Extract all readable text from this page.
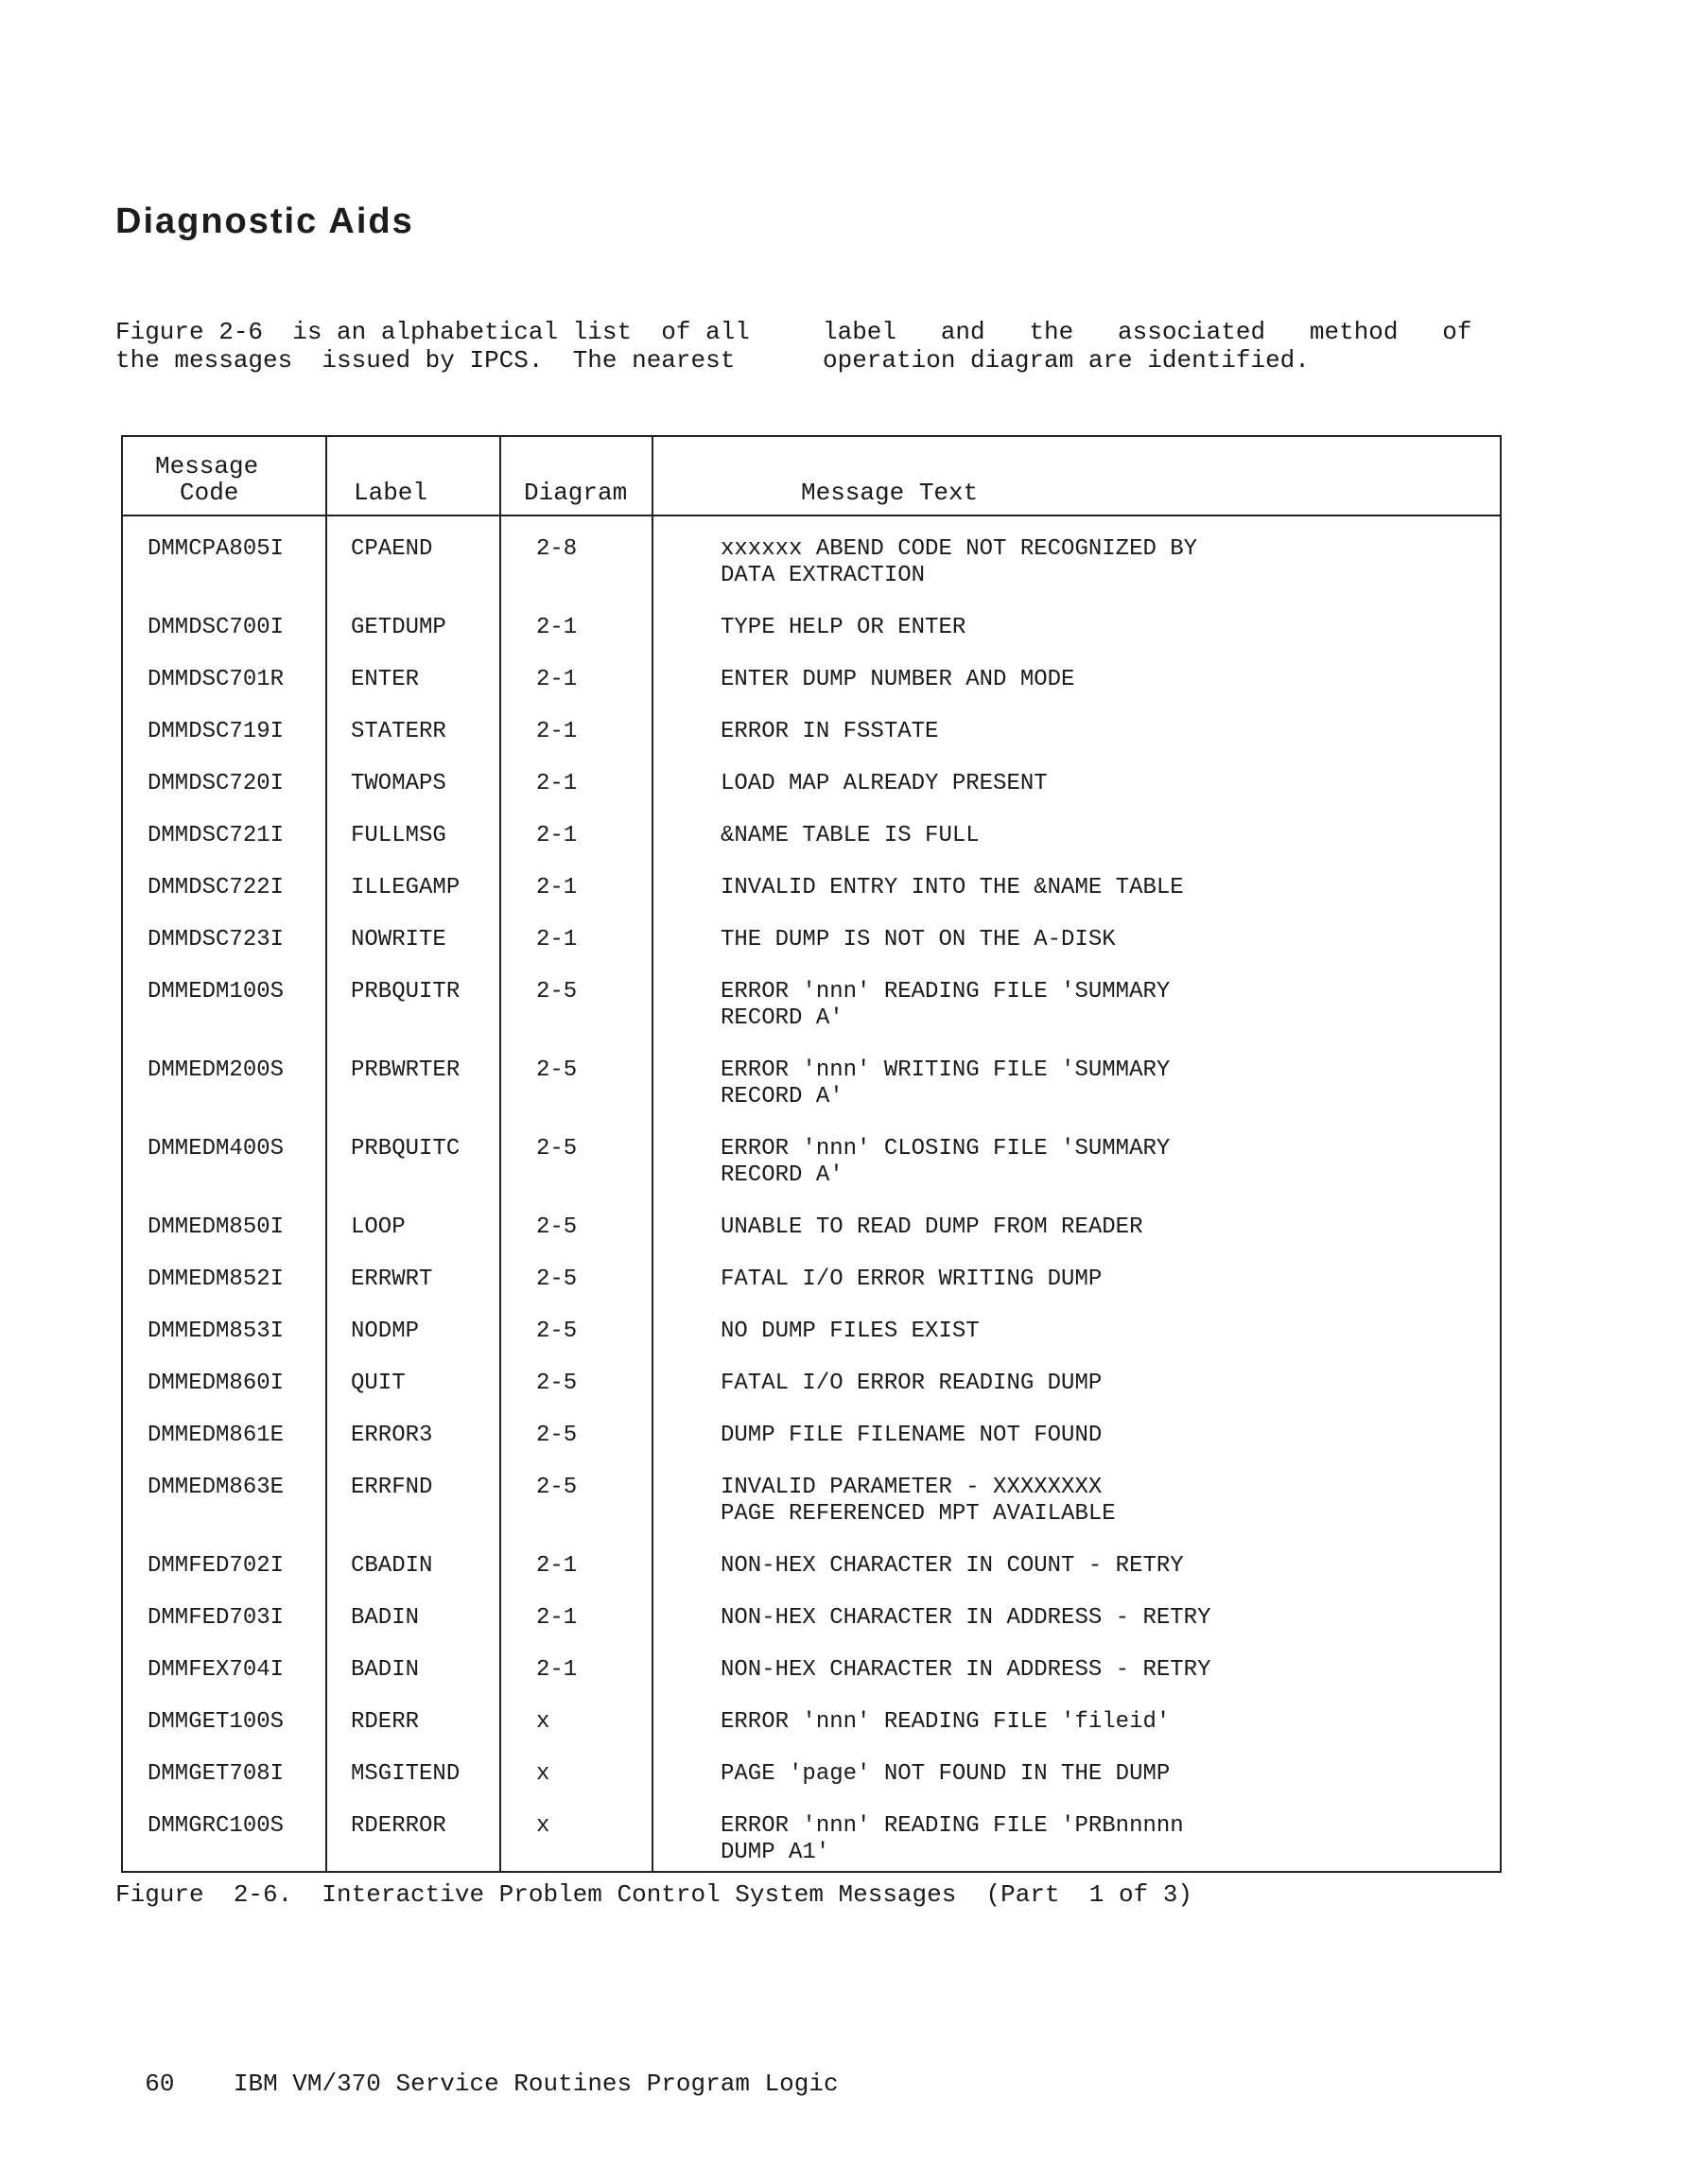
Diagnostic Aids
Figure 2-6  is an alphabetical list  of all	label   and   the   associated   method   of
the messages  issued by IPCS.  The nearest	operation diagram are identified.
Message
Code	Label	Diagram	Message Text
DMMCPA805I	CPAEND	2-8	xxxxxx ABEND CODE NOT RECOGNIZED BY
DATA EXTRACTION
DMMDSC700I	GETDUMP	2-1	TYPE HELP OR ENTER
DMMDSC701R	ENTER	2-1	ENTER DUMP NUMBER AND MODE
DMMDSC719I	STATERR	2-1	ERROR IN FSSTATE
DMMDSC720I	TWOMAPS	2-1	LOAD MAP ALREADY PRESENT
DMMDSC721I	FULLMSG	2-1	&NAME TABLE IS FULL
DMMDSC722I	ILLEGAMP	2-1	INVALID ENTRY INTO THE &NAME TABLE
DMMDSC723I	NOWRITE	2-1	THE DUMP IS NOT ON THE A-DISK
DMMEDM100S	PRBQUITR	2-5	ERROR 'nnn' READING FILE 'SUMMARY
RECORD A'
DMMEDM200S	PRBWRTER	2-5	ERROR 'nnn' WRITING FILE 'SUMMARY
RECORD A'
DMMEDM400S	PRBQUITC	2-5	ERROR 'nnn' CLOSING FILE 'SUMMARY
RECORD A'
DMMEDM850I	LOOP	2-5	UNABLE TO READ DUMP FROM READER
DMMEDM852I	ERRWRT	2-5	FATAL I/O ERROR WRITING DUMP
DMMEDM853I	NODMP	2-5	NO DUMP FILES EXIST
DMMEDM860I	QUIT	2-5	FATAL I/O ERROR READING DUMP
DMMEDM861E	ERROR3	2-5	DUMP FILE FILENAME NOT FOUND
DMMEDM863E	ERRFND	2-5	INVALID PARAMETER - XXXXXXXX
PAGE REFERENCED MPT AVAILABLE
DMMFED702I	CBADIN	2-1	NON-HEX CHARACTER IN COUNT - RETRY
DMMFED703I	BADIN	2-1	NON-HEX CHARACTER IN ADDRESS - RETRY
DMMFEX704I	BADIN	2-1	NON-HEX CHARACTER IN ADDRESS - RETRY
DMMGET100S	RDERR	x	ERROR 'nnn' READING FILE 'fileid'
DMMGET708I	MSGITEND	x	PAGE 'page' NOT FOUND IN THE DUMP
DMMGRC100S	RDERROR	x	ERROR 'nnn' READING FILE 'PRBnnnnn
DUMP A1'
Figure  2-6.  Interactive Problem Control System Messages  (Part  1 of 3)

60 IBM VM/370 Service Routines Program Logic
